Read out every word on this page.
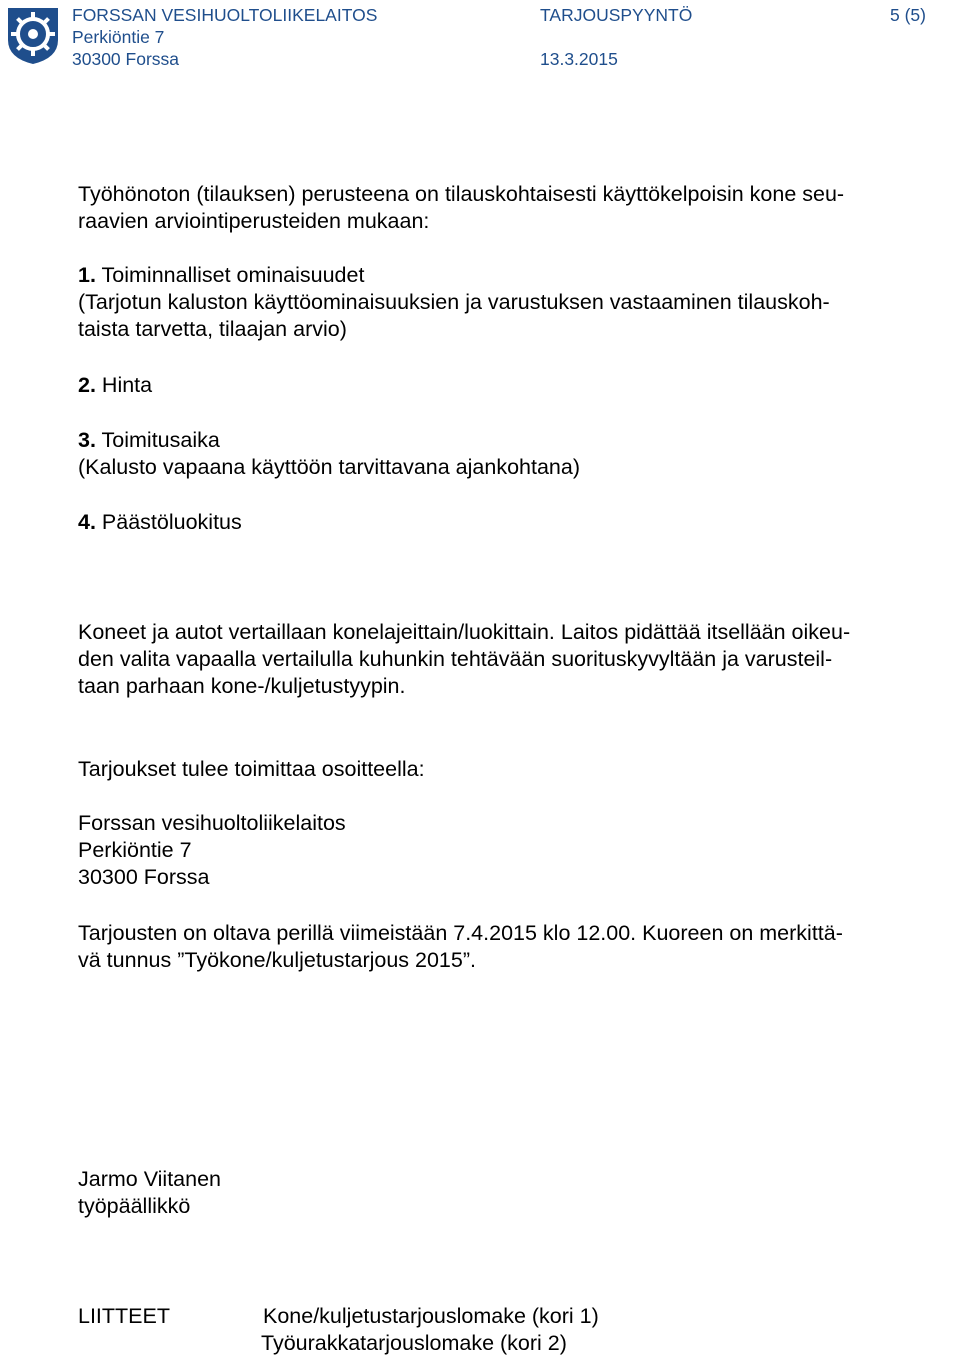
FORSSAN VESIHUOLTOLIIKELAITOS
Perkiöntie 7
30300 Forssa
TARJOUSPYYNTÖ
13.3.2015
5 (5)
Työhönoton (tilauksen) perusteena on tilauskohtaisesti käyttökelpoisin kone seu-
raavien arviointiperusteiden mukaan:
1. Toiminnalliset ominaisuudet
(Tarjotun kaluston käyttöominaisuuksien ja varustuksen vastaaminen tilauskoh-
taista tarvetta, tilaajan arvio)
2. Hinta
3. Toimitusaika
(Kalusto vapaana käyttöön tarvittavana ajankohtana)
4. Päästöluokitus
Koneet ja autot vertaillaan konelajeittain/luokittain. Laitos pidättää itsellään oikeu-
den valita vapaalla vertailulla kuhunkin tehtävään suorituskyvyltään ja varusteil-
taan parhaan kone-/kuljetustyypin.
Tarjoukset tulee toimittaa osoitteella:
Forssan vesihuoltoliikelaitos
Perkiöntie 7
30300 Forssa
Tarjousten on oltava perillä viimeistään 7.4.2015 klo 12.00. Kuoreen on merkittä-
vä tunnus ”Työkone/kuljetustarjous 2015”.
Jarmo Viitanen
työpäällikkö
LIITTEET	Kone/kuljetustarjouslomake (kori 1)
Työurakkatarjouslomake (kori 2)
